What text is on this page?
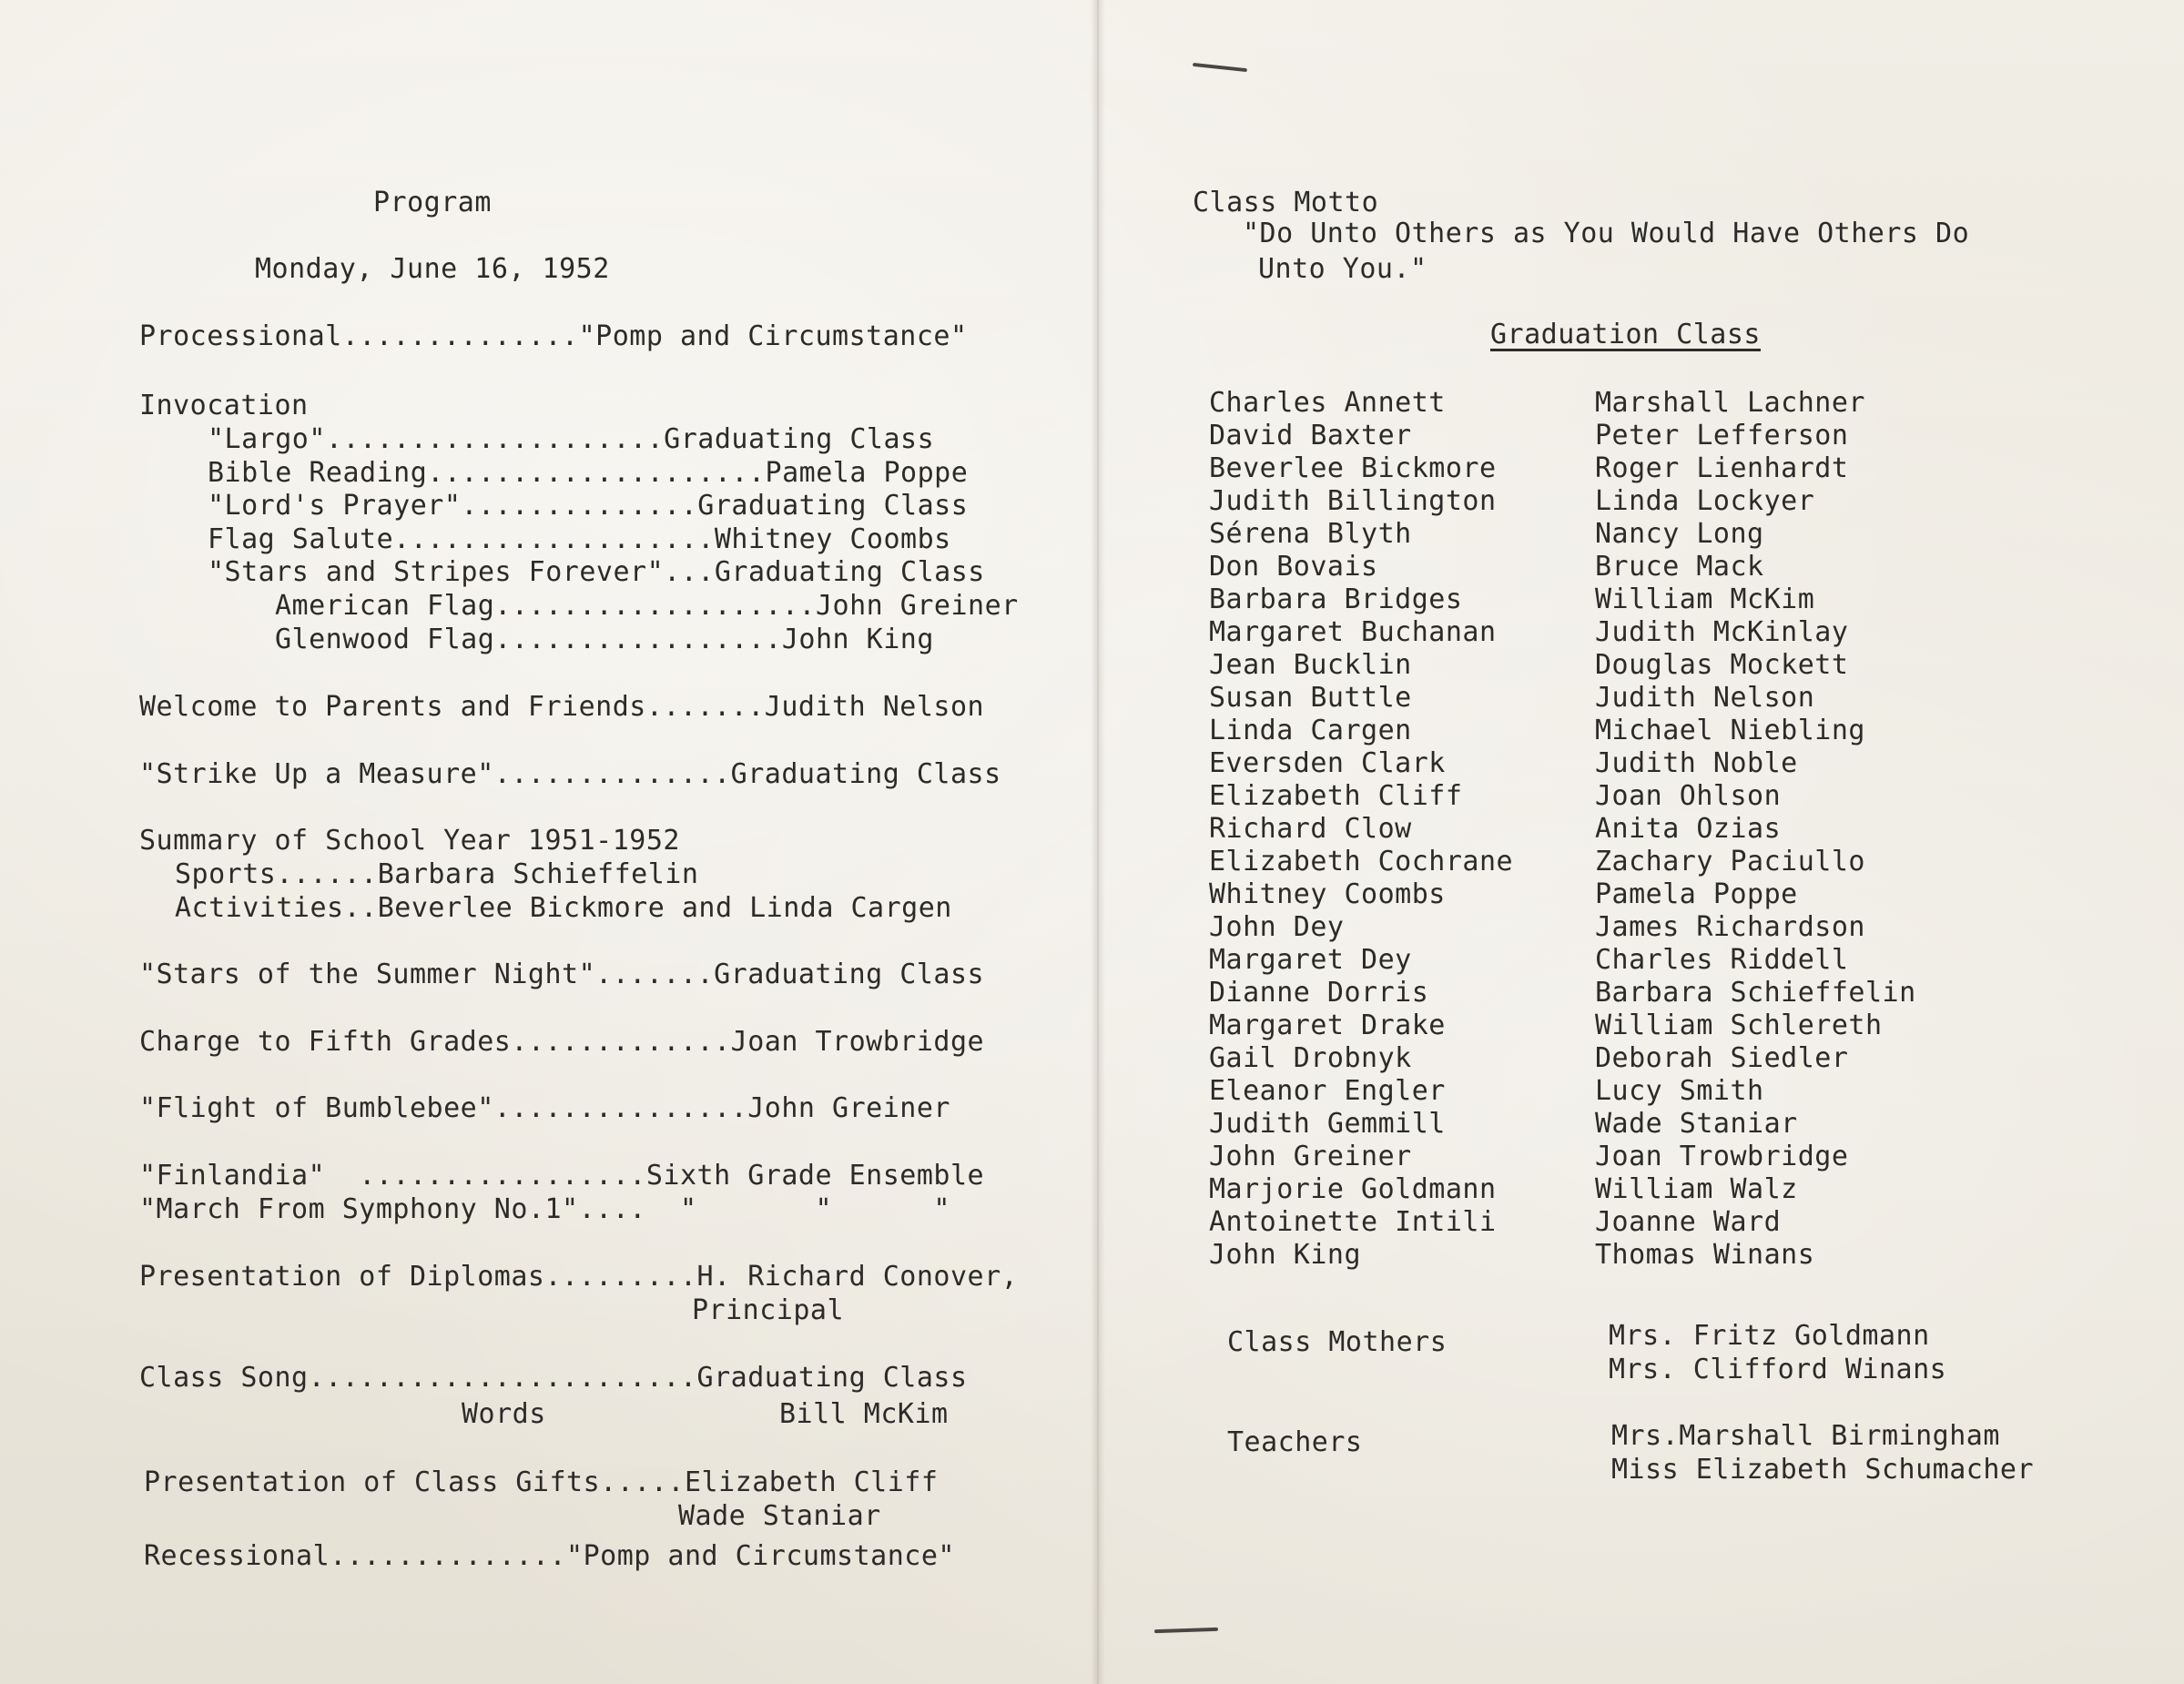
Program
Monday, June 16, 1952
Processional.............."Pomp and Circumstance"
Invocation
"Largo"....................Graduating Class
Bible Reading....................Pamela Poppe
"Lord's Prayer"..............Graduating Class
Flag Salute...................Whitney Coombs
"Stars and Stripes Forever"...Graduating Class
American Flag...................John Greiner
Glenwood Flag.................John King
Welcome to Parents and Friends.......Judith Nelson
"Strike Up a Measure"..............Graduating Class
Summary of School Year 1951-1952
Sports......Barbara Schieffelin
Activities..Beverlee Bickmore and Linda Cargen
"Stars of the Summer Night".......Graduating Class
Charge to Fifth Grades.............Joan Trowbridge
"Flight of Bumblebee"...............John Greiner
"Finlandia"  .................Sixth Grade Ensemble
"March From Symphony No.1"....  "       "      "
Presentation of Diplomas.........H. Richard Conover,
Principal
Class Song.......................Graduating Class
Words	Bill McKim
Presentation of Class Gifts.....Elizabeth Cliff
Wade Staniar
Recessional.............."Pomp and Circumstance"
Class Motto
"Do Unto Others as You Would Have Others Do
Unto You."
Graduation Class
Charles Annett
David Baxter
Beverlee Bickmore
Judith Billington
Sérena Blyth
Don Bovais
Barbara Bridges
Margaret Buchanan
Jean Bucklin
Susan Buttle
Linda Cargen
Eversden Clark
Elizabeth Cliff
Richard Clow
Elizabeth Cochrane
Whitney Coombs
John Dey
Margaret Dey
Dianne Dorris
Margaret Drake
Gail Drobnyk
Eleanor Engler
Judith Gemmill
John Greiner
Marjorie Goldmann
Antoinette Intili
John King
Marshall Lachner
Peter Lefferson
Roger Lienhardt
Linda Lockyer
Nancy Long
Bruce Mack
William McKim
Judith McKinlay
Douglas Mockett
Judith Nelson
Michael Niebling
Judith Noble
Joan Ohlson
Anita Ozias
Zachary Paciullo
Pamela Poppe
James Richardson
Charles Riddell
Barbara Schieffelin
William Schlereth
Deborah Siedler
Lucy Smith
Wade Staniar
Joan Trowbridge
William Walz
Joanne Ward
Thomas Winans
Class Mothers	Mrs. Fritz Goldmann
Mrs. Clifford Winans
Teachers	Mrs.Marshall Birmingham
Miss Elizabeth Schumacher
